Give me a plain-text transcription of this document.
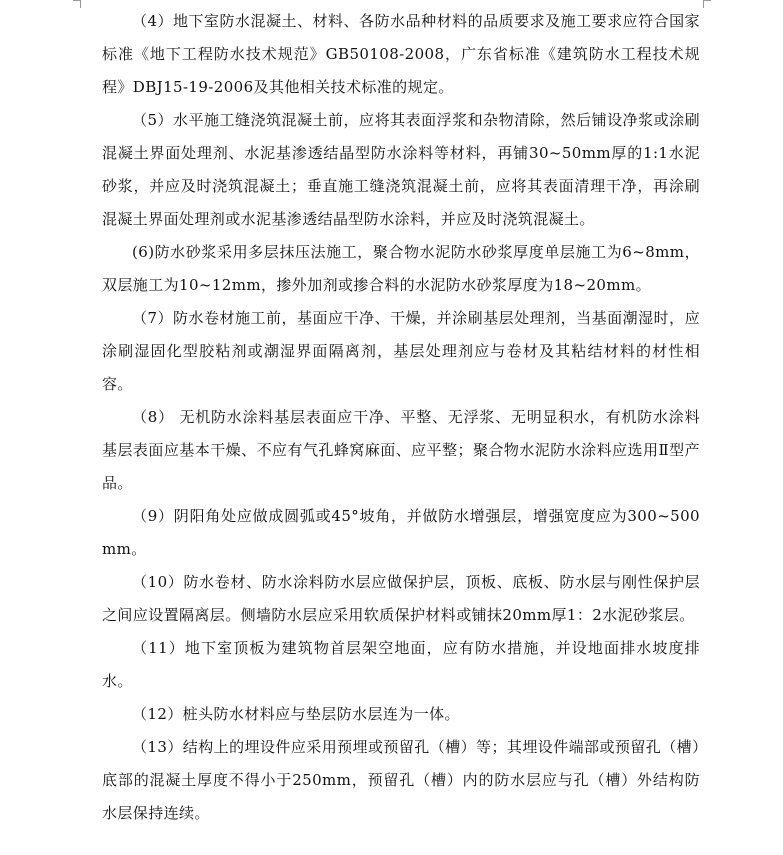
（4）地下室防水混凝土、材料、各防水品种材料的品质要求及施工要求应符合国家标准《地下工程防水技术规范》GB50108-2008，广东省标准《建筑防水工程技术规程》DBJ15-19-2006及其他相关技术标准的规定。

（5）水平施工缝浇筑混凝土前，应将其表面浮浆和杂物清除，然后铺设净浆或涂刷混凝土界面处理剂、水泥基渗透结晶型防水涂料等材料，再铺30~50mm厚的1:1水泥砂浆，并应及时浇筑混凝土；垂直施工缝浇筑混凝土前，应将其表面清理干净，再涂刷混凝土界面处理剂或水泥基渗透结晶型防水涂料，并应及时浇筑混凝土。

(6)防水砂浆采用多层抹压法施工，聚合物水泥防水砂浆厚度单层施工为6~8mm，双层施工为10~12mm，掺外加剂或掺合料的水泥防水砂浆厚度为18~20mm。

（7）防水卷材施工前，基面应干净、干燥，并涂刷基层处理剂，当基面潮湿时，应涂刷湿固化型胶粘剂或潮湿界面隔离剂，基层处理剂应与卷材及其粘结材料的材性相容。

（8） 无机防水涂料基层表面应干净、平整、无浮浆、无明显积水，有机防水涂料基层表面应基本干燥、不应有气孔蜂窝麻面、应平整；聚合物水泥防水涂料应选用Ⅱ型产品。

（9）阴阳角处应做成圆弧或45°坡角，并做防水增强层，增强宽度应为300~500mm。

（10）防水卷材、防水涂料防水层应做保护层，顶板、底板、防水层与刚性保护层之间应设置隔离层。侧墙防水层应采用软质保护材料或铺抹20mm厚1：2水泥砂浆层。

（11）地下室顶板为建筑物首层架空地面，应有防水措施，并设地面排水坡度排水。

（12）桩头防水材料应与垫层防水层连为一体。

（13）结构上的埋设件应采用预埋或预留孔（槽）等；其埋设件端部或预留孔（槽）底部的混凝土厚度不得小于250mm，预留孔（槽）内的防水层应与孔（槽）外结构防水层保持连续。
